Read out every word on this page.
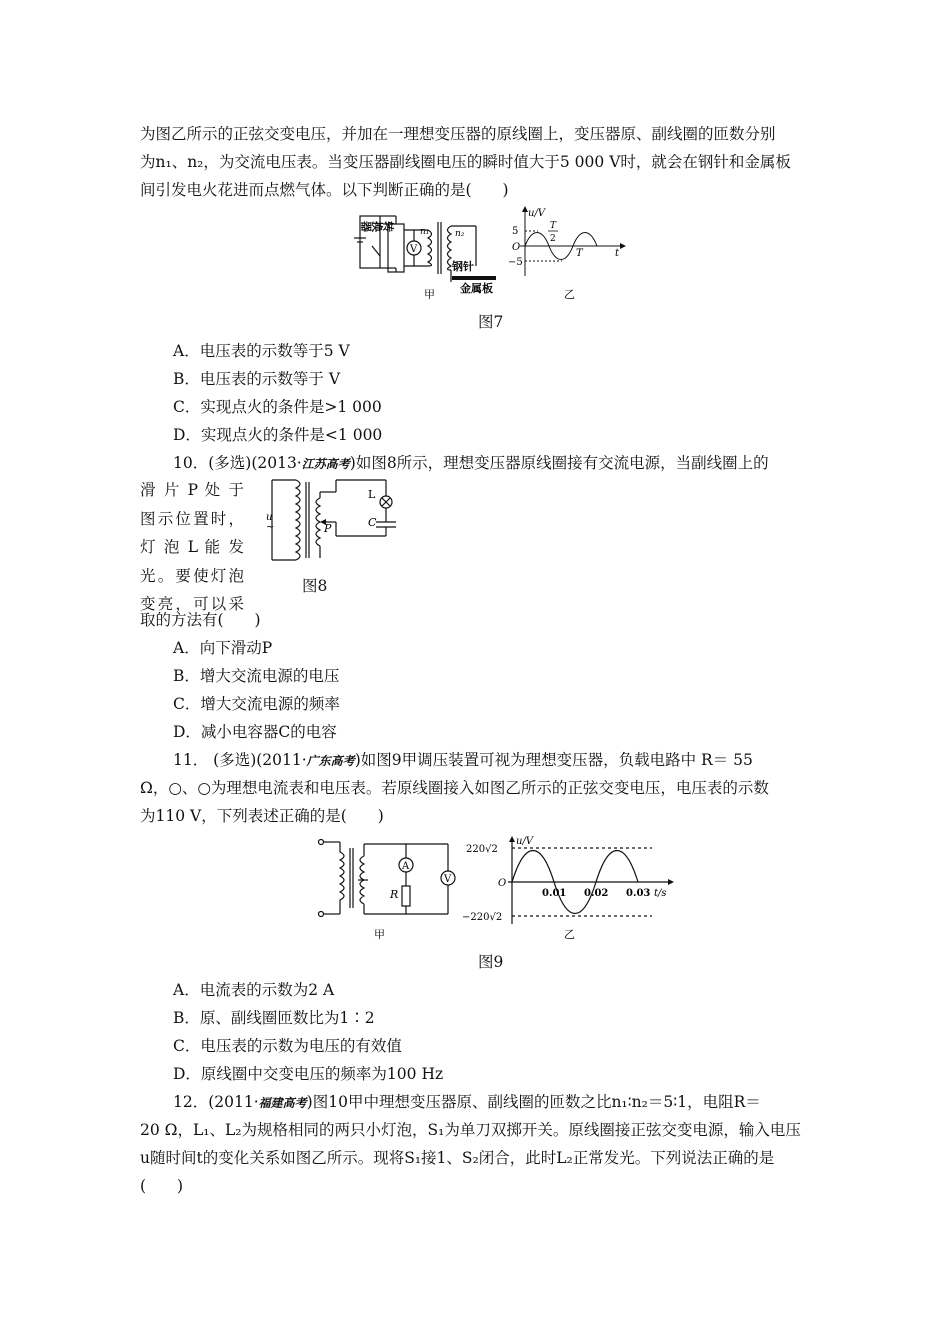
为图乙所示的正弦交变电压，并加在一理想变压器的原线圈上，变压器原、副线圈的匝数分别
为n₁、n₂，为交流电压表。当变压器副线圈电压的瞬时值大于5 000 V时，就会在钢针和金属板
间引发电火花进而点燃气体。以下判断正确的是(　　)
转换器
V
n₁	n₂
钢针
金属板
甲	乙
u/V
5
O
−5
T
2
T	t
图7
A．电压表的示数等于5 V
B．电压表的示数等于 V
C．实现点火的条件是>1 000
D．实现点火的条件是<1 000
10．(多选)(2013·江苏高考)如图8所示，理想变压器原线圈接有交流电源，当副线圈上的
滑 片 P 处 于
图示位置时，
灯 泡 L 能 发
光。要使灯泡
变亮，可以采
取的方法有(　　)
u
~	P
L
C
图8
A．向下滑动P
B．增大交流电源的电压
C．增大交流电源的频率
D．减小电容器C的电容
11． (多选)(2011·广东高考)如图9甲调压装置可视为理想变压器，负载电路中 R＝ 55
Ω，○、○为理想电流表和电压表。若原线圈接入如图乙所示的正弦交变电压，电压表的示数
为110 V，下列表述正确的是(　　)
A
V
R
甲	乙
u/V
220√2
−220√2
O
0.01 0.02 0.03 t/s
图9
A．电流表的示数为2 A
B．原、副线圈匝数比为1∶2
C．电压表的示数为电压的有效值
D．原线圈中交变电压的频率为100 Hz
12．(2011·福建高考)图10甲中理想变压器原、副线圈的匝数之比n₁∶n₂＝5∶1，电阻R＝
20 Ω，L₁、L₂为规格相同的两只小灯泡，S₁为单刀双掷开关。原线圈接正弦交变电源，输入电压
u随时间t的变化关系如图乙所示。现将S₁接1、S₂闭合，此时L₂正常发光。下列说法正确的是
(　　)
